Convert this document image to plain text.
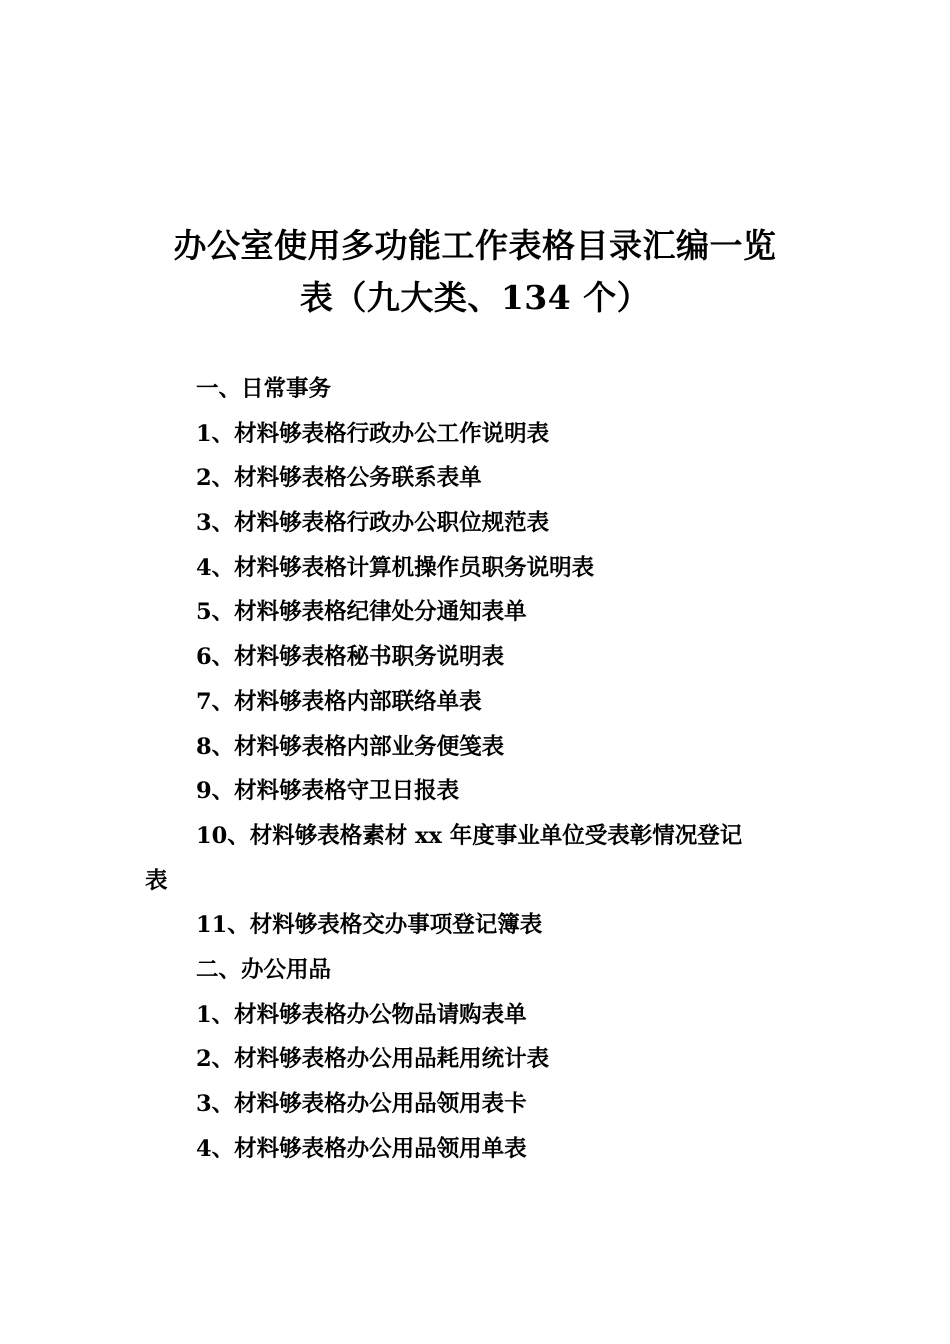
办公室使用多功能工作表格目录汇编一览
表（九大类、134 个）
一、日常事务
1、材料够表格行政办公工作说明表
2、材料够表格公务联系表单
3、材料够表格行政办公职位规范表
4、材料够表格计算机操作员职务说明表
5、材料够表格纪律处分通知表单
6、材料够表格秘书职务说明表
7、材料够表格内部联络单表
8、材料够表格内部业务便笺表
9、材料够表格守卫日报表
10、材料够表格素材 xx 年度事业单位受表彰情况登记
表
11、材料够表格交办事项登记簿表
二、办公用品
1、材料够表格办公物品请购表单
2、材料够表格办公用品耗用统计表
3、材料够表格办公用品领用表卡
4、材料够表格办公用品领用单表
